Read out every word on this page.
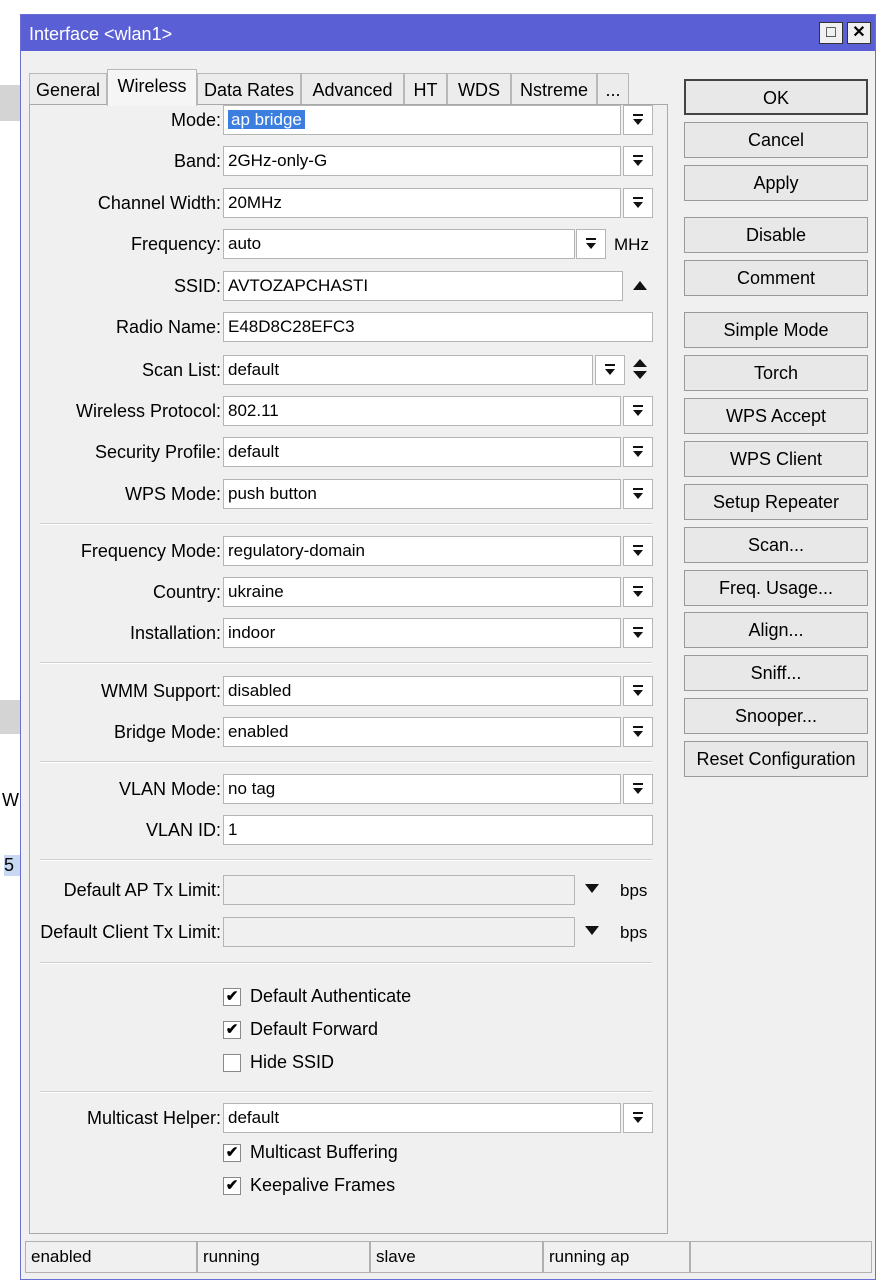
W
5
Interface <wlan1>	□	✕
General Wireless Data Rates	Advanced	HT	WDS	Nstreme ...
Mode: ap bridge
Band: 2GHz-only-G
Channel Width: 20MHz
Frequency: auto	MHz
SSID: AVTOZAPCHASTI
Radio Name: E48D8C28EFC3
Scan List: default
Wireless Protocol: 802.11
Security Profile: default
WPS Mode: push button
Frequency Mode: regulatory-domain
Country: ukraine
Installation: indoor
WMM Support: disabled
Bridge Mode: enabled
VLAN Mode: no tag
VLAN ID: 1
Default AP Tx Limit:	bps
Default Client Tx Limit:	bps
✔ Default Authenticate
✔ Default Forward
Hide SSID
Multicast Helper: default
✔ Multicast Buffering
✔ Keepalive Frames
OK
Cancel
Apply
Disable
Comment
Simple Mode
Torch
WPS Accept
WPS Client
Setup Repeater
Scan...
Freq. Usage...
Align...
Sniff...
Snooper...
Reset Configuration
enabled	running	slave	running ap
